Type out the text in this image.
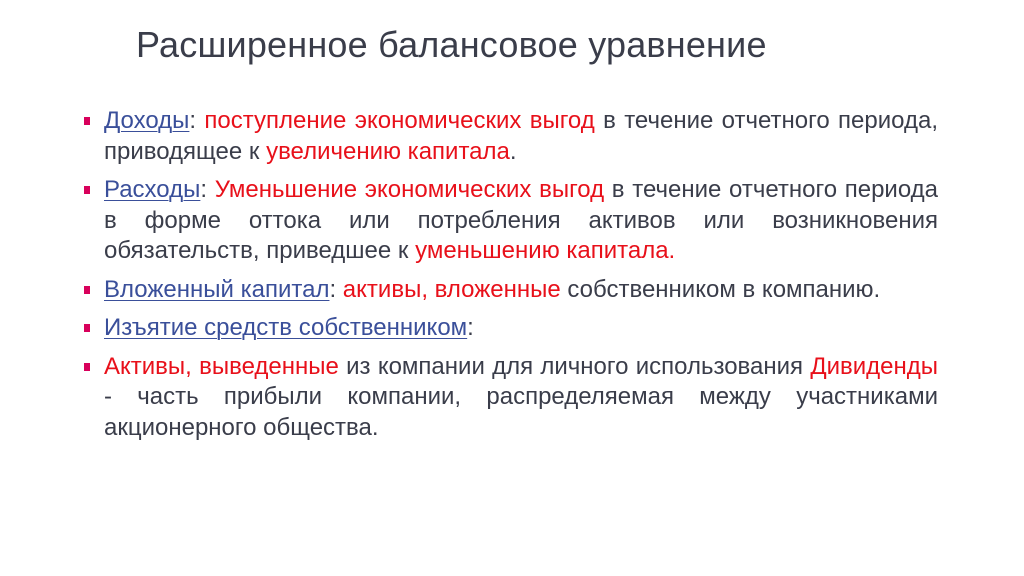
Расширенное балансовое уравнение
Доходы: поступление экономических выгод в течение отчетного периода, приводящее к увеличению капитала.
Расходы: Уменьшение экономических выгод в течение отчетного периода в форме оттока или потребления активов или возникновения обязательств, приведшее к уменьшению капитала.
Вложенный капитал: активы, вложенные собственником в компанию.
Изъятие средств собственником:
Активы, выведенные из компании для личного использования Дивиденды - часть прибыли компании, распределяемая между участниками акционерного общества.
